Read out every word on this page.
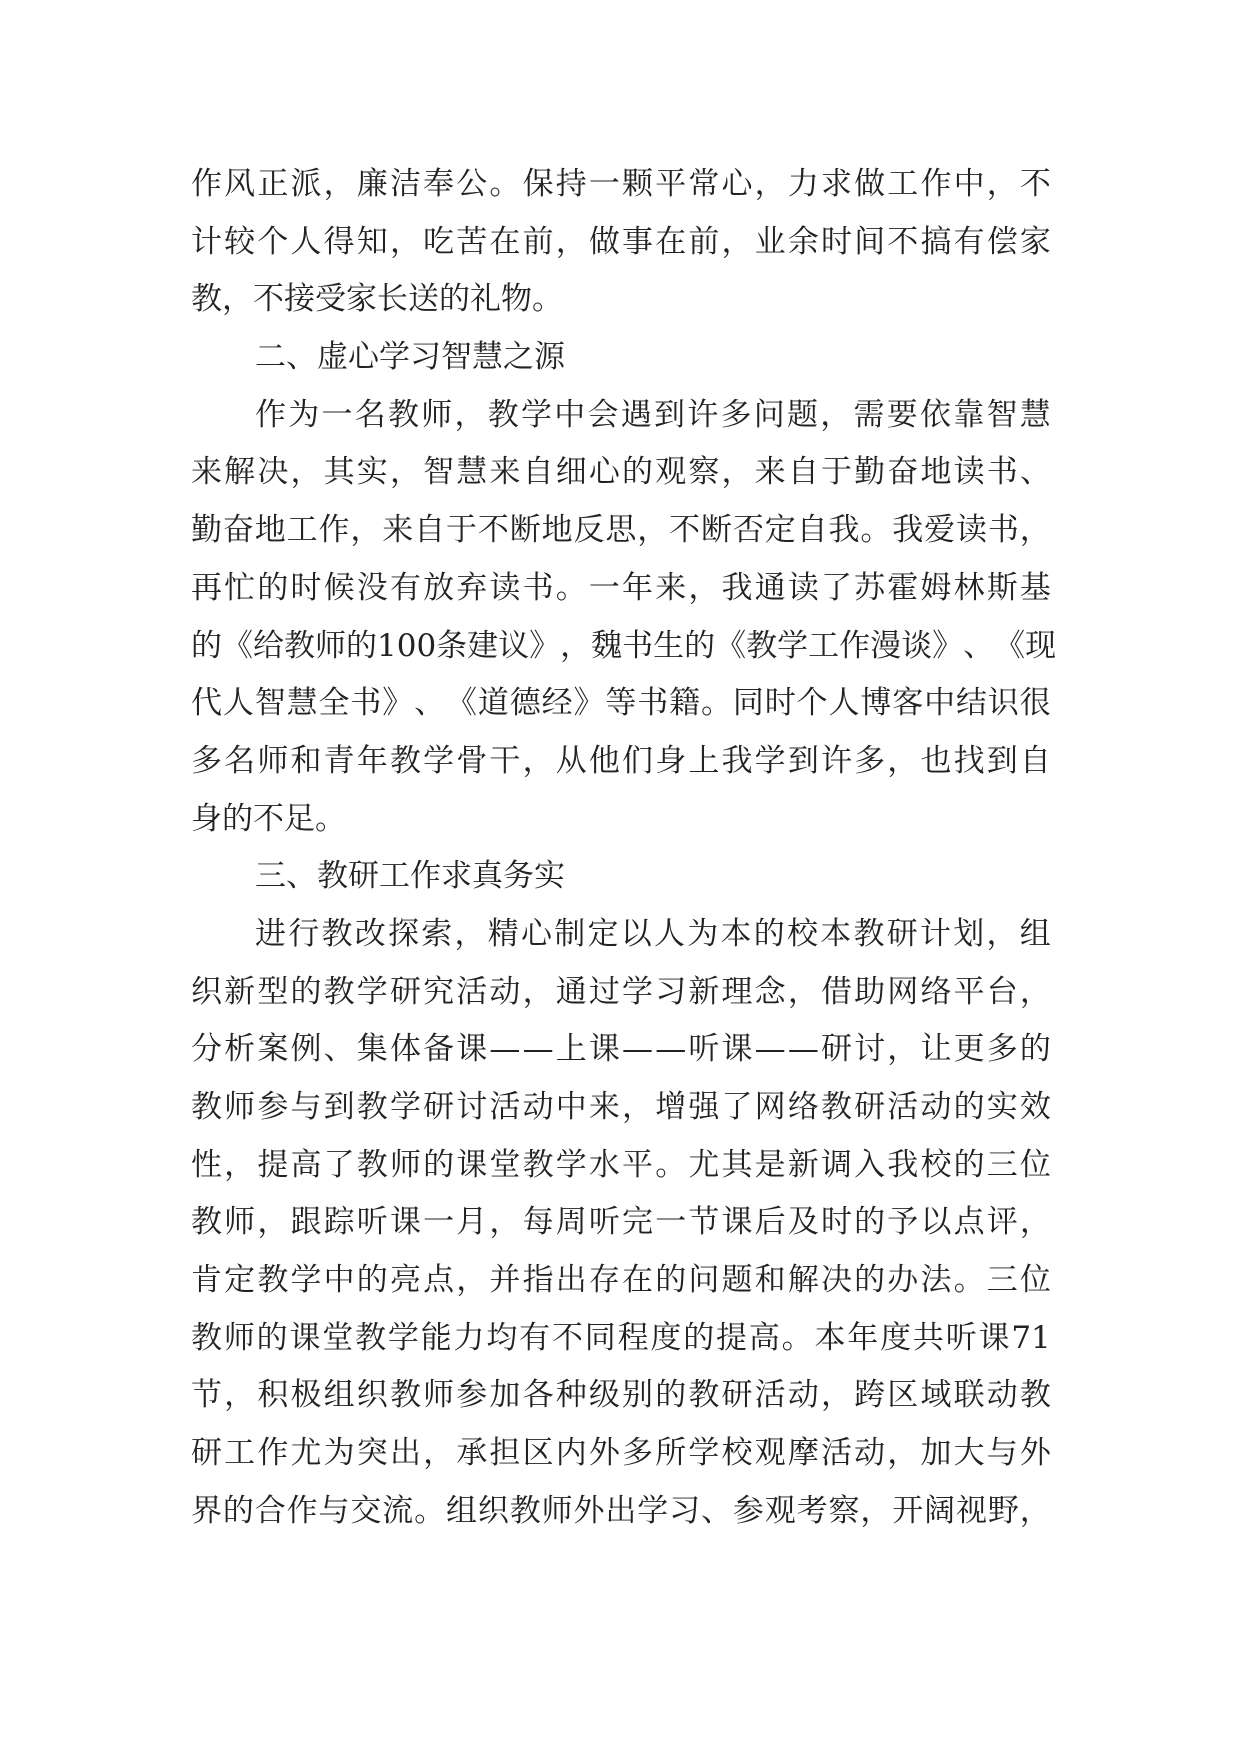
作 风 正 派 ， 廉 洁 奉 公 。 保 持 一 颗 平 常 心 ， 力 求 做 工 作 中 ， 不
计 较 个 人 得 知 ， 吃 苦 在 前 ， 做 事 在 前 ， 业 余 时 间 不 搞 有 偿 家
教，不接受家长送的礼物。
二、虚心学习智慧之源
作 为 一 名 教 师 ， 教 学 中 会 遇 到 许 多 问 题 ， 需 要 依 靠 智 慧
来 解 决 ， 其 实 ， 智 慧 来 自 细 心 的 观 察 ， 来 自 于 勤 奋 地 读 书 、
勤 奋 地 工 作 ， 来 自 于 不 断 地 反 思 ， 不 断 否 定 自 我 。 我 爱 读 书 ，
再 忙 的 时 候 没 有 放 弃 读 书 。 一 年 来 ， 我 通 读 了 苏 霍 姆 林 斯 基
的 《 给 教 师 的 100 条 建 议 》 ， 魏 书 生 的 《 教 学 工 作 漫 谈 》 、 《 现
代 人 智 慧 全 书 》 、 《 道 德 经 》 等 书 籍 。 同 时 个 人 博 客 中 结 识 很
多 名 师 和 青 年 教 学 骨 干 ， 从 他 们 身 上 我 学 到 许 多 ， 也 找 到 自
身的不足。
三、教研工作求真务实
进 行 教 改 探 索 ， 精 心 制 定 以 人 为 本 的 校 本 教 研 计 划 ， 组
织 新 型 的 教 学 研 究 活 动 ， 通 过 学 习 新 理 念 ， 借 助 网 络 平 台 ，
分 析 案 例 、 集 体 备 课 — — 上 课 — — 听 课 — — 研 讨 ， 让 更 多 的
教 师 参 与 到 教 学 研 讨 活 动 中 来 ， 增 强 了 网 络 教 研 活 动 的 实 效
性 ， 提 高 了 教 师 的 课 堂 教 学 水 平 。 尤 其 是 新 调 入 我 校 的 三 位
教 师 ， 跟 踪 听 课 一 月 ， 每 周 听 完 一 节 课 后 及 时 的 予 以 点 评 ，
肯 定 教 学 中 的 亮 点 ， 并 指 出 存 在 的 问 题 和 解 决 的 办 法 。 三 位
教 师 的 课 堂 教 学 能 力 均 有 不 同 程 度 的 提 高 。 本 年 度 共 听 课 71
节 ， 积 极 组 织 教 师 参 加 各 种 级 别 的 教 研 活 动 ， 跨 区 域 联 动 教
研 工 作 尤 为 突 出 ， 承 担 区 内 外 多 所 学 校 观 摩 活 动 ， 加 大 与 外
界 的 合 作 与 交 流 。 组 织 教 师 外 出 学 习 、 参 观 考 察 ， 开 阔 视 野 ，
